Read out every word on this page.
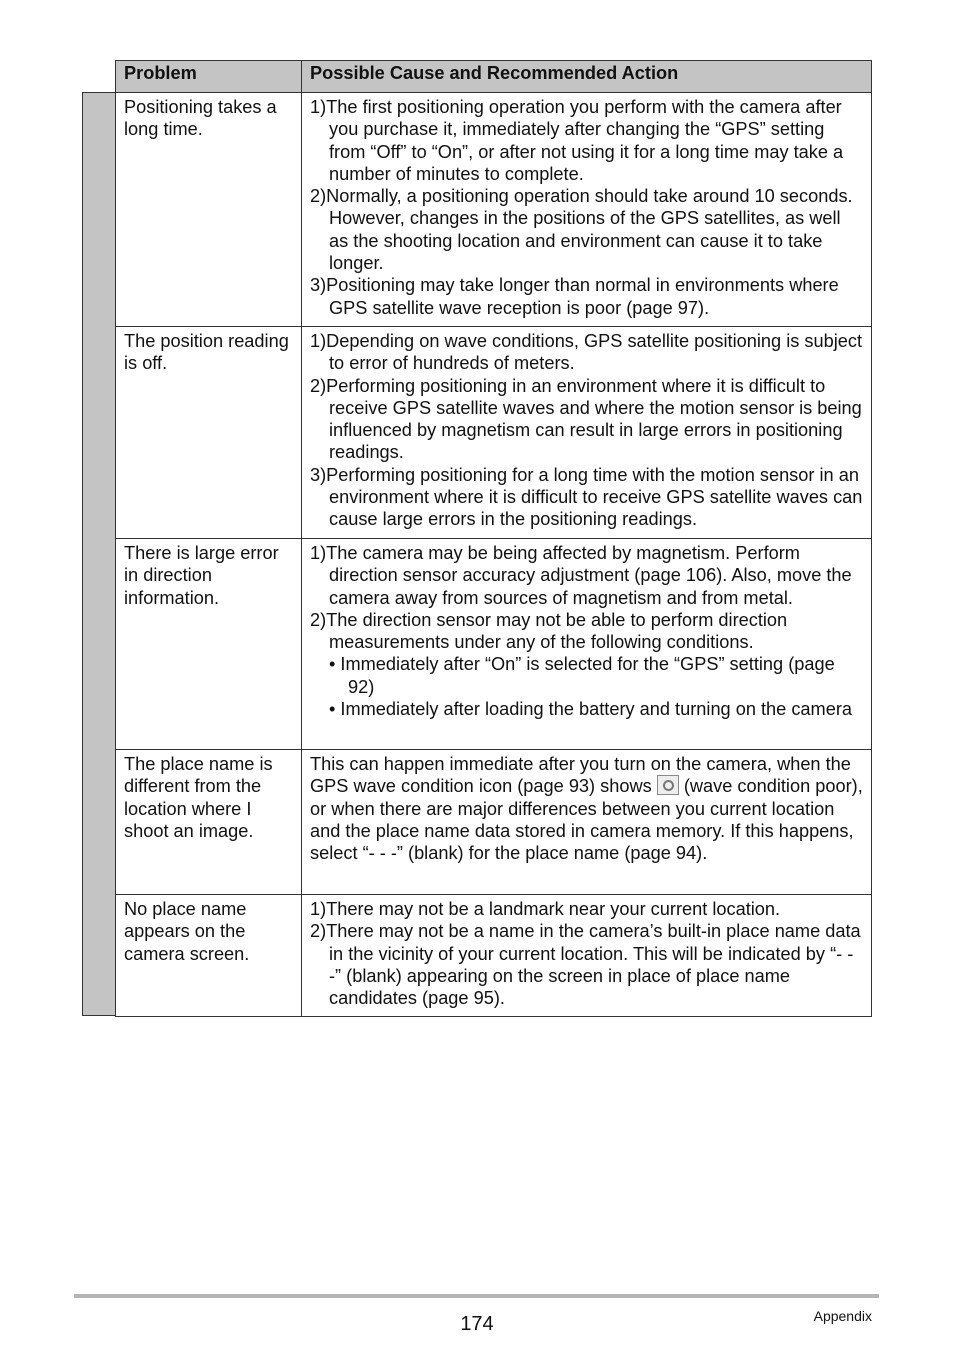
Problem	Possible Cause and Recommended Action
Positioning takes a long time.	1)The first positioning operation you perform with the camera after you purchase it, immediately after changing the “GPS” setting from “Off” to “On”, or after not using it for a long time may take a number of minutes to complete.
2)Normally, a positioning operation should take around 10 seconds. However, changes in the positions of the GPS satellites, as well as the shooting location and environment can cause it to take longer.
3)Positioning may take longer than normal in environments where GPS satellite wave reception is poor (page 97).

The position reading is off.	1)Depending on wave conditions, GPS satellite positioning is subject to error of hundreds of meters.
2)Performing positioning in an environment where it is difficult to receive GPS satellite waves and where the motion sensor is being influenced by magnetism can result in large errors in positioning readings.
3)Performing positioning for a long time with the motion sensor in an environment where it is difficult to receive GPS satellite waves can cause large errors in the positioning readings.

There is large error in direction information.	1)The camera may be being affected by magnetism. Perform direction sensor accuracy adjustment (page 106). Also, move the camera away from sources of magnetism and from metal.
2)The direction sensor may not be able to perform direction measurements under any of the following conditions.
• Immediately after “On” is selected for the “GPS” setting (page 92)
• Immediately after loading the battery and turning on the camera

The place name is different from the location where I shoot an image.	This can happen immediate after you turn on the camera, when the GPS wave condition icon (page 93) shows  (wave condition poor), or when there are major differences between you current location and the place name data stored in camera memory. If this happens, select “- - -” (blank) for the place name (page 94).
No place name appears on the camera screen.	1)There may not be a landmark near your current location.
2)There may not be a name in the camera’s built-in place name data in the vicinity of your current location. This will be indicated by “- - -” (blank) appearing on the screen in place of place name candidates (page 95).
174	Appendix
